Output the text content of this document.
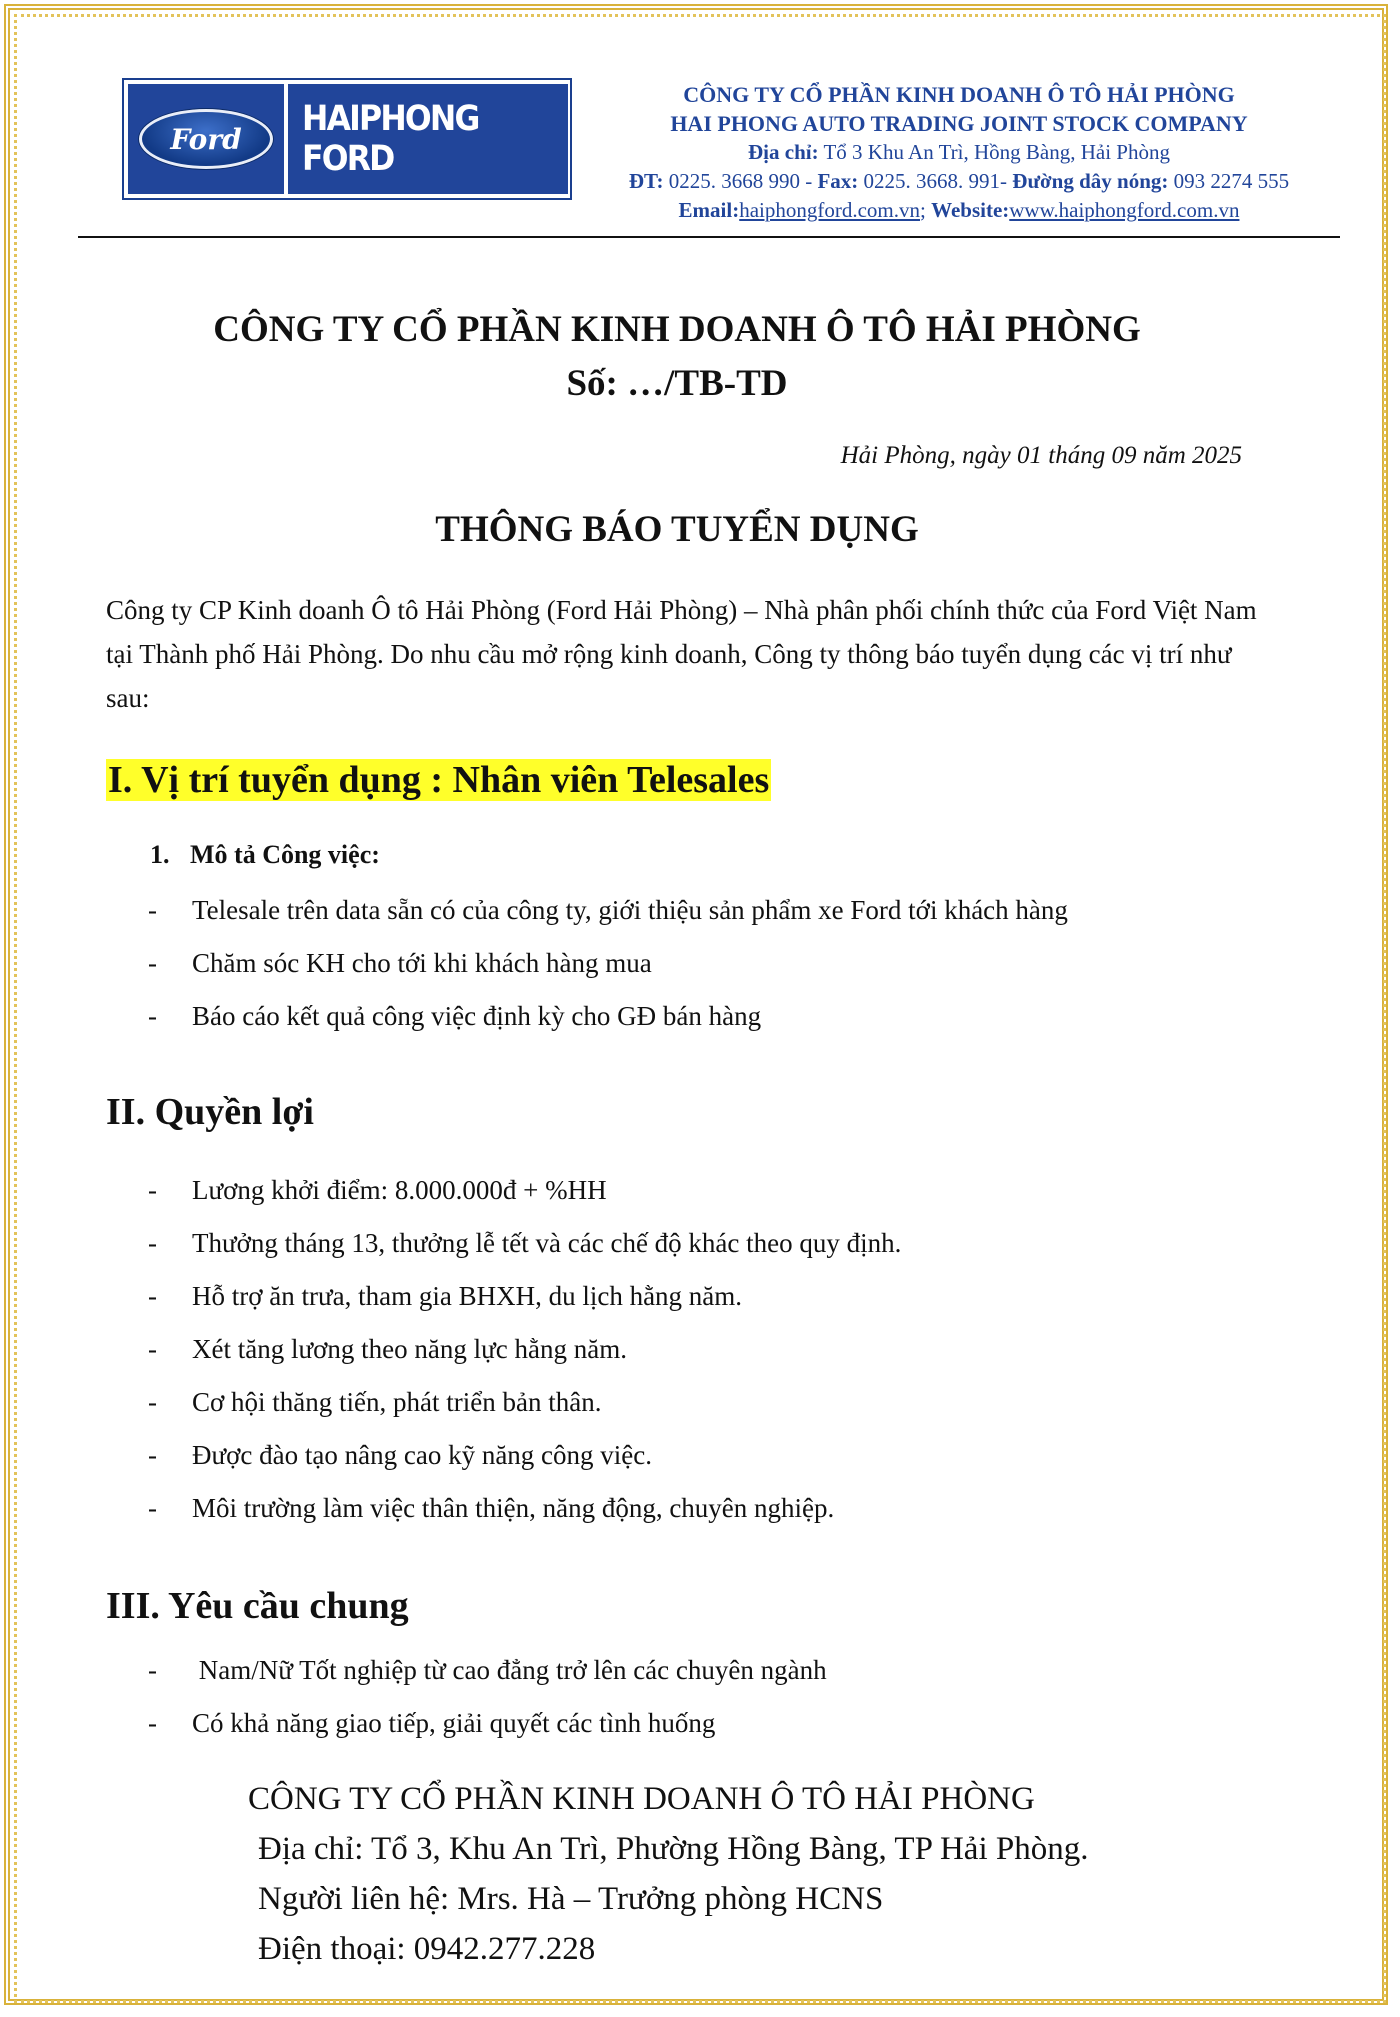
Ford HAIPHONG FORD
CÔNG TY CỔ PHẦN KINH DOANH Ô TÔ HẢI PHÒNG
HAI PHONG AUTO TRADING JOINT STOCK COMPANY
Địa chỉ: Tổ 3 Khu An Trì, Hồng Bàng, Hải Phòng
ĐT: 0225. 3668 990 - Fax: 0225. 3668. 991- Đường dây nóng: 093 2274 555
Email:haiphongford.com.vn; Website:www.haiphongford.com.vn
CÔNG TY CỔ PHẦN KINH DOANH Ô TÔ HẢI PHÒNG
Số: …/TB-TD
Hải Phòng, ngày 01 tháng 09 năm 2025
THÔNG BÁO TUYỂN DỤNG
Công ty CP Kinh doanh Ô tô Hải Phòng (Ford Hải Phòng) – Nhà phân phối chính thức của Ford Việt Nam tại Thành phố Hải Phòng. Do nhu cầu mở rộng kinh doanh, Công ty thông báo tuyển dụng các vị trí như sau:
I. Vị trí tuyển dụng : Nhân viên Telesales
1. Mô tả Công việc:
- Telesale trên data sẵn có của công ty, giới thiệu sản phẩm xe Ford tới khách hàng
- Chăm sóc KH cho tới khi khách hàng mua
- Báo cáo kết quả công việc định kỳ cho GĐ bán hàng
II. Quyền lợi
- Lương khởi điểm: 8.000.000đ + %HH
- Thưởng tháng 13, thưởng lễ tết và các chế độ khác theo quy định.
- Hỗ trợ ăn trưa, tham gia BHXH, du lịch hằng năm.
- Xét tăng lương theo năng lực hằng năm.
- Cơ hội thăng tiến, phát triển bản thân.
- Được đào tạo nâng cao kỹ năng công việc.
- Môi trường làm việc thân thiện, năng động, chuyên nghiệp.
III. Yêu cầu chung
- Nam/Nữ Tốt nghiệp từ cao đẳng trở lên các chuyên ngành
- Có khả năng giao tiếp, giải quyết các tình huống
CÔNG TY CỔ PHẦN KINH DOANH Ô TÔ HẢI PHÒNG
Địa chỉ: Tổ 3, Khu An Trì, Phường Hồng Bàng, TP Hải Phòng.
Người liên hệ: Mrs. Hà – Trưởng phòng HCNS
Điện thoại: 0942.277.228
